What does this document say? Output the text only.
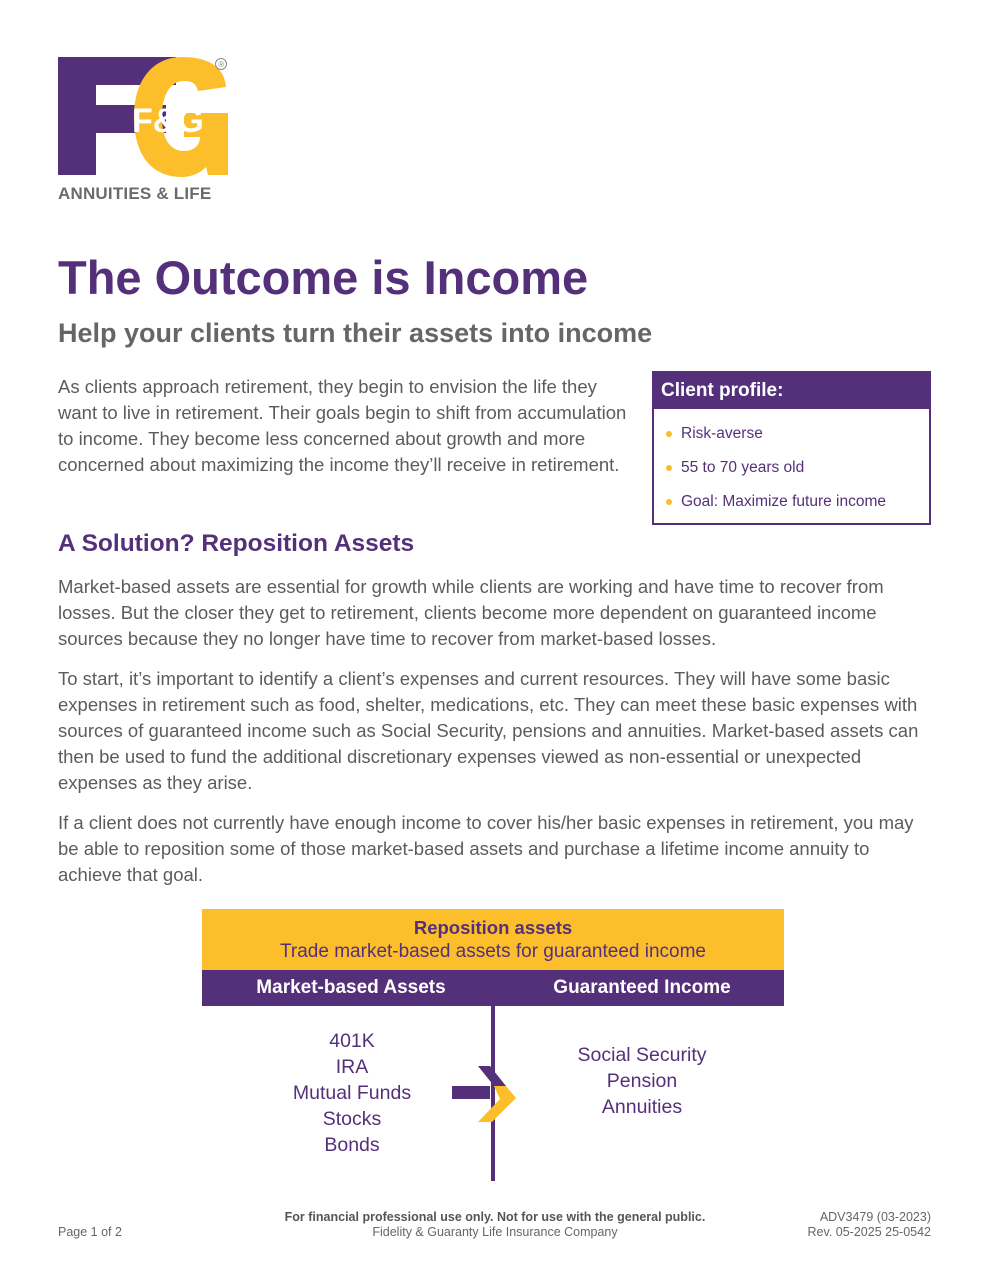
F&G
®
ANNUITIES & LIFE
The Outcome is Income
Help your clients turn their assets into income

As clients approach retirement, they begin to envision the life they want to live in retirement. Their goals begin to shift from accumulation to income. They become less concerned about growth and more concerned about maximizing the income they’ll receive in retirement.

Client profile:
Risk-averse
55 to 70 years old
Goal: Maximize future income
A Solution? Reposition Assets

Market-based assets are essential for growth while clients are working and have time to recover from losses. But the closer they get to retirement, clients become more dependent on guaranteed income sources because they no longer have time to recover from market-based losses.

To start, it’s important to identify a client’s expenses and current resources. They will have some basic expenses in retirement such as food, shelter, medications, etc. They can meet these basic expenses with sources of guaranteed income such as Social Security, pensions and annuities. Market-based assets can then be used to fund the additional discretionary expenses viewed as non-essential or unexpected expenses as they arise.

If a client does not currently have enough income to cover his/her basic expenses in retirement, you may be able to reposition some of those market-based assets and purchase a lifetime income annuity to achieve that goal.

Reposition assets
Trade market-based assets for guaranteed income
Market-based Assets	Guaranteed Income
401K
IRA
Mutual Funds
Stocks
Bonds
Social Security
Pension
Annuities
Page 1 of 2
For financial professional use only. Not for use with the general public.
Fidelity & Guaranty Life Insurance Company
ADV3479 (03-2023)
Rev. 05-2025 25-0542
